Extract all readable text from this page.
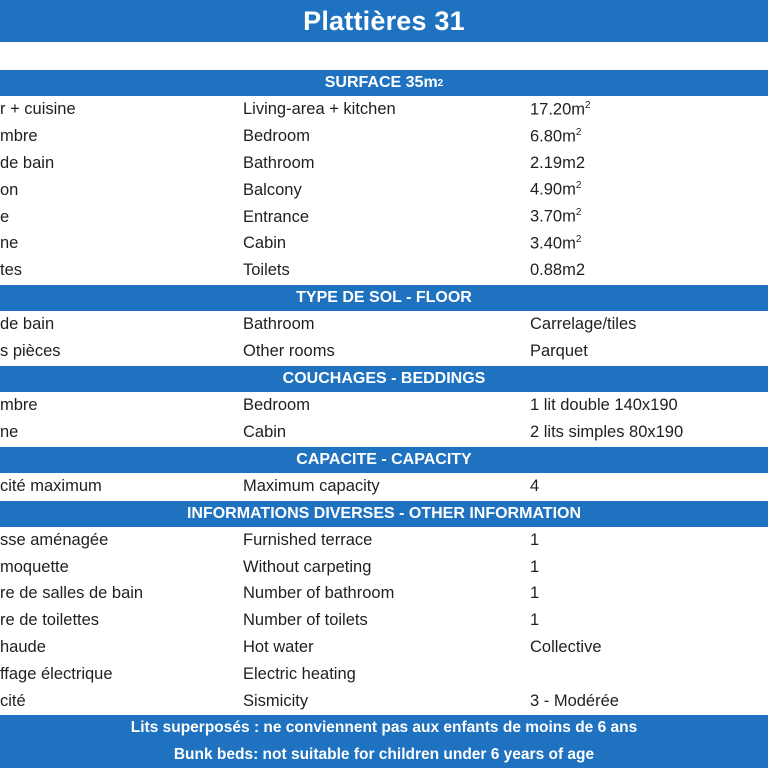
Plattières 31
SURFACE 35m 2
r + cuisine	Living-area + kitchen	$17.20m^2$
mbre	Bedroom	$6.80m^2$
de bain	Bathroom	2.19m2
on	Balcony	$4.90m^2$
e	Entrance	$3.70m^2$
ne	Cabin	$3.40m^2$
tes	Toilets	0.88m2
TYPE DE SOL - FLOOR
de bain	Bathroom	Carrelage/tiles
s pièces	Other rooms	Parquet
COUCHAGES - BEDDINGS
mbre	Bedroom	1 lit double 140x190
ne	Cabin	2 lits simples 80x190
CAPACITE - CAPACITY
cité maximum	Maximum capacity	4
INFORMATIONS DIVERSES - OTHER INFORMATION
sse aménagée	Furnished terrace	1
moquette	Without carpeting	1
re de salles de bain	Number of bathroom	1
re de toilettes	Number of toilets	1
haude	Hot water	Collective
ffage électrique	Electric heating
cité	Sismicity	3 - Modérée
Lits superposés : ne conviennent pas aux enfants de moins de 6 ans
Bunk beds: not suitable for children under 6 years of age
